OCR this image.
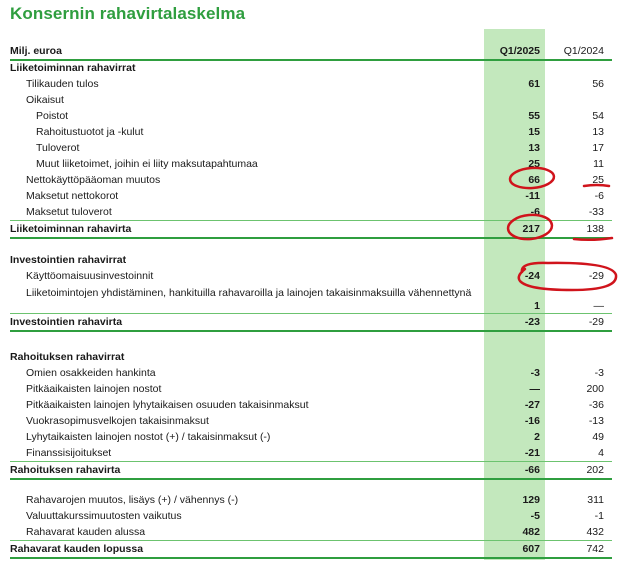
Konsernin rahavirtalaskelma
Milj. euroa	Q1/2025 Q1/2024
Liiketoiminnan rahavirrat
Tilikauden tulos	61	56
Oikaisut
Poistot	55	54
Rahoitustuotot ja -kulut	15	13
Tuloverot	13	17
Muut liiketoimet, joihin ei liity maksutapahtumaa	25	11
Nettokäyttöpääoman muutos	66	25
Maksetut nettokorot	-11	-6
Maksetut tuloverot	-6	-33
Liiketoiminnan rahavirta	217	138
Investointien rahavirrat
Käyttöomaisuusinvestoinnit	-24	-29
Liiketoimintojen yhdistäminen, hankituilla rahavaroilla ja lainojen takaisinmaksuilla vähennettynä
1	—
Investointien rahavirta	-23	-29
Rahoituksen rahavirrat
Omien osakkeiden hankinta	-3	-3
Pitkäaikaisten lainojen nostot	—	200
Pitkäaikaisten lainojen lyhytaikaisen osuuden takaisinmaksut	-27	-36
Vuokrasopimusvelkojen takaisinmaksut	-16	-13
Lyhytaikaisten lainojen nostot (+) / takaisinmaksut (-)	2	49
Finanssisijoitukset	-21	4
Rahoituksen rahavirta	-66	202
Rahavarojen muutos, lisäys (+) / vähennys (-)	129	311
Valuuttakurssimuutosten vaikutus	-5	-1
Rahavarat kauden alussa	482	432
Rahavarat kauden lopussa	607	742
